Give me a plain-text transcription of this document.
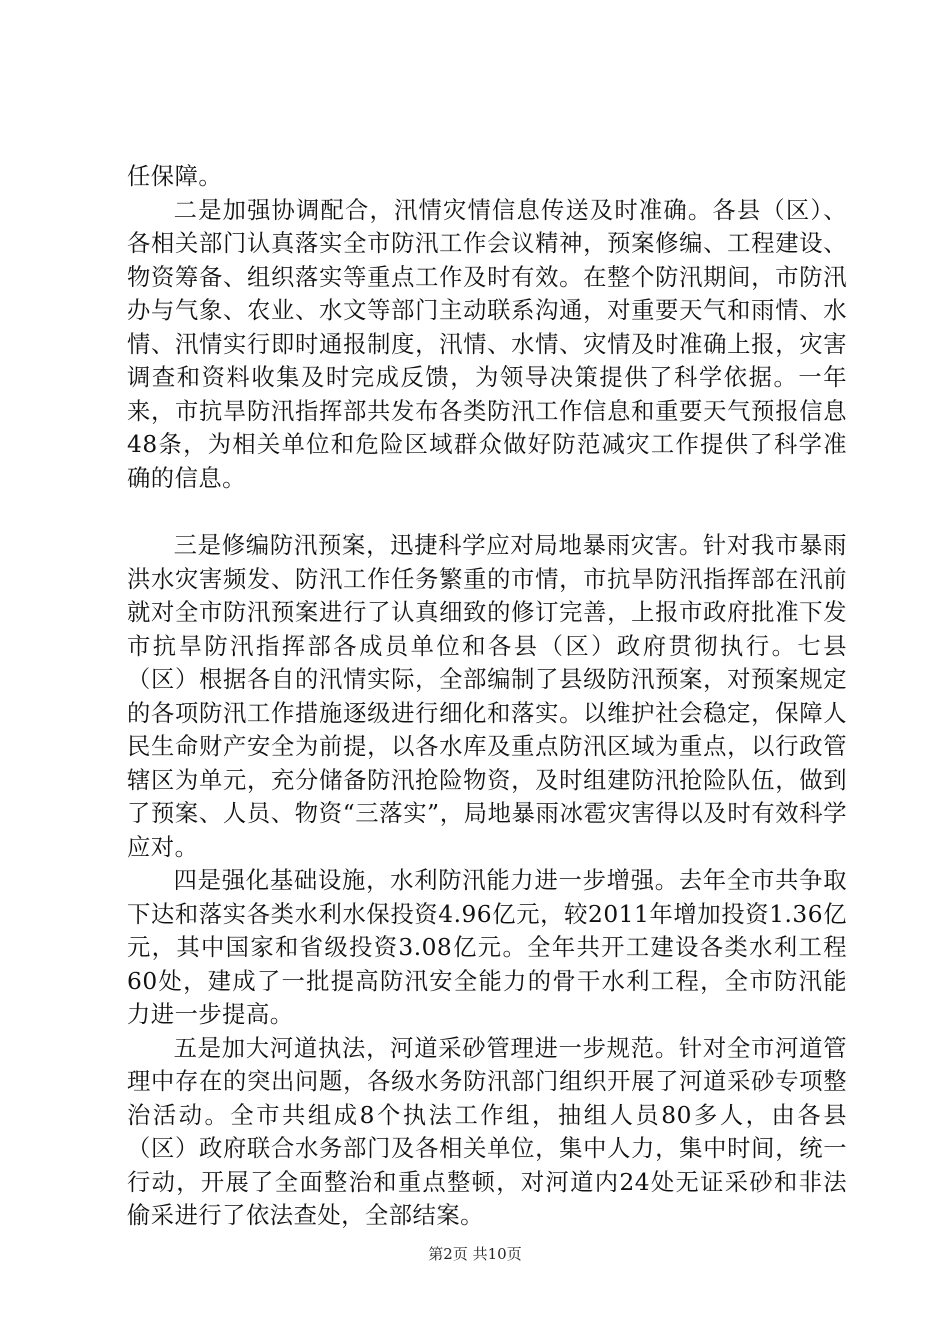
任保障。

二是加强协调配合，汛情灾情信息传送及时准确。各县（区）、各相关部门认真落实全市防汛工作会议精神，预案修编、工程建设、物资筹备、组织落实等重点工作及时有效。在整个防汛期间，市防汛办与气象、农业、水文等部门主动联系沟通，对重要天气和雨情、水情、汛情实行即时通报制度，汛情、水情、灾情及时准确上报，灾害调查和资料收集及时完成反馈，为领导决策提供了科学依据。一年来，市抗旱防汛指挥部共发布各类防汛工作信息和重要天气预报信息48条，为相关单位和危险区域群众做好防范减灾工作提供了科学准确的信息。

三是修编防汛预案，迅捷科学应对局地暴雨灾害。针对我市暴雨洪水灾害频发、防汛工作任务繁重的市情，市抗旱防汛指挥部在汛前就对全市防汛预案进行了认真细致的修订完善，上报市政府批准下发市抗旱防汛指挥部各成员单位和各县（区）政府贯彻执行。七县（区）根据各自的汛情实际，全部编制了县级防汛预案，对预案规定的各项防汛工作措施逐级进行细化和落实。以维护社会稳定，保障人民生命财产安全为前提，以各水库及重点防汛区域为重点，以行政管辖区为单元，充分储备防汛抢险物资，及时组建防汛抢险队伍，做到了预案、人员、物资“三落实”，局地暴雨冰雹灾害得以及时有效科学应对。

四是强化基础设施，水利防汛能力进一步增强。去年全市共争取下达和落实各类水利水保投资4.96亿元，较2011年增加投资1.36亿元，其中国家和省级投资3.08亿元。全年共开工建设各类水利工程60处，建成了一批提高防汛安全能力的骨干水利工程，全市防汛能力进一步提高。

五是加大河道执法，河道采砂管理进一步规范。针对全市河道管理中存在的突出问题，各级水务防汛部门组织开展了河道采砂专项整治活动。全市共组成8个执法工作组，抽组人员80多人，由各县（区）政府联合水务部门及各相关单位，集中人力，集中时间，统一行动，开展了全面整治和重点整顿，对河道内24处无证采砂和非法偷采进行了依法查处，全部结案。

第2页 共10页
